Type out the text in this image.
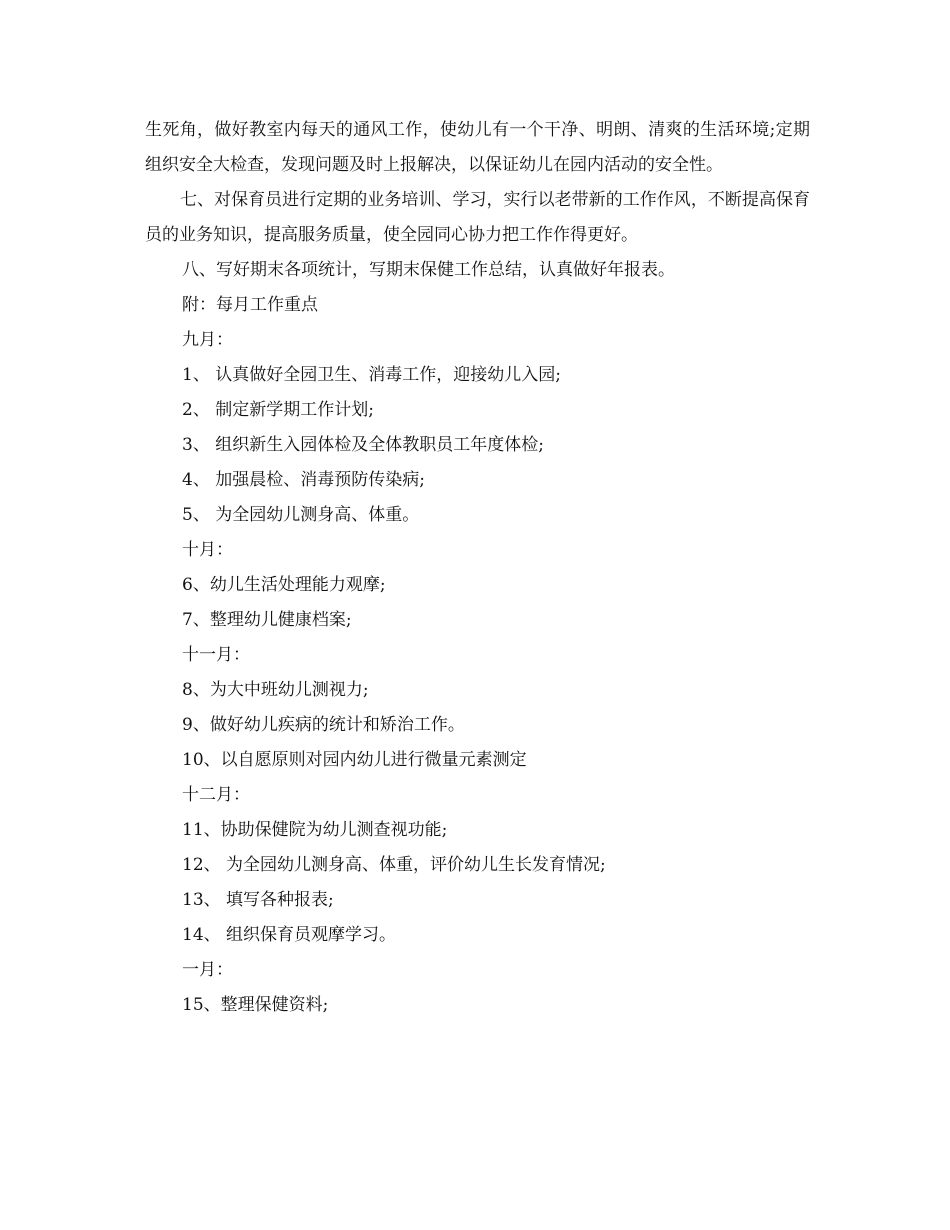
生死角，做好教室内每天的通风工作，使幼儿有一个干净、明朗、清爽的生活环境;定期组织安全大检查，发现问题及时上报解决，以保证幼儿在园内活动的安全性。

七、对保育员进行定期的业务培训、学习，实行以老带新的工作作风，不断提高保育员的业务知识，提高服务质量，使全园同心协力把工作作得更好。

八、写好期末各项统计，写期末保健工作总结，认真做好年报表。

附：每月工作重点

九月：

1、 认真做好全园卫生、消毒工作，迎接幼儿入园;

2、 制定新学期工作计划;

3、 组织新生入园体检及全体教职员工年度体检;

4、 加强晨检、消毒预防传染病;

5、 为全园幼儿测身高、体重。

十月：

6、幼儿生活处理能力观摩;

7、整理幼儿健康档案;

十一月：

8、为大中班幼儿测视力;

9、做好幼儿疾病的统计和矫治工作。

10、以自愿原则对园内幼儿进行微量元素测定

十二月：

11、协助保健院为幼儿测查视功能;

12、 为全园幼儿测身高、体重，评价幼儿生长发育情况;

13、 填写各种报表;

14、 组织保育员观摩学习。

一月：

15、整理保健资料;
